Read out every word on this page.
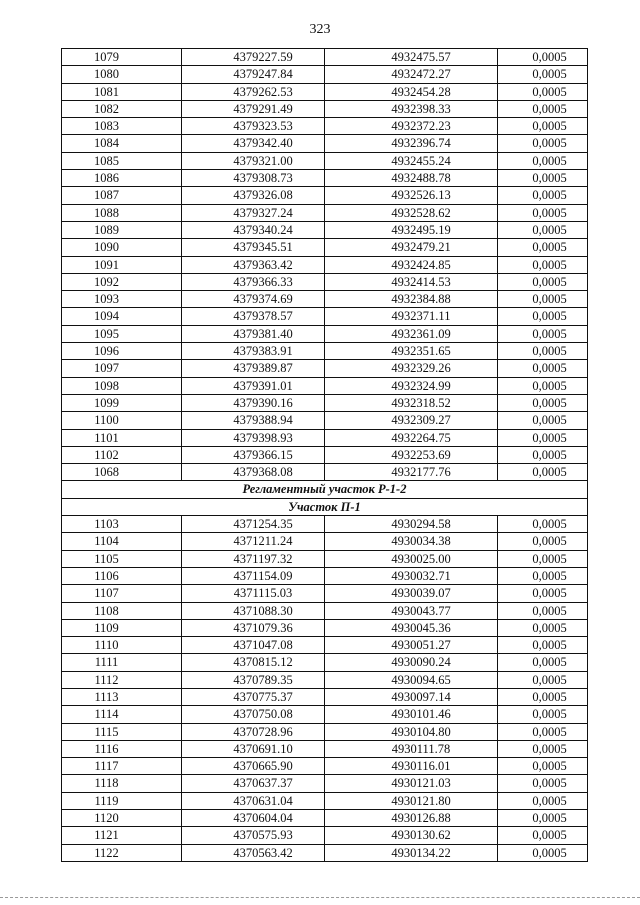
323
1079	4379227.59	4932475.57	0,0005
1080	4379247.84	4932472.27	0,0005
1081	4379262.53	4932454.28	0,0005
1082	4379291.49	4932398.33	0,0005
1083	4379323.53	4932372.23	0,0005
1084	4379342.40	4932396.74	0,0005
1085	4379321.00	4932455.24	0,0005
1086	4379308.73	4932488.78	0,0005
1087	4379326.08	4932526.13	0,0005
1088	4379327.24	4932528.62	0,0005
1089	4379340.24	4932495.19	0,0005
1090	4379345.51	4932479.21	0,0005
1091	4379363.42	4932424.85	0,0005
1092	4379366.33	4932414.53	0,0005
1093	4379374.69	4932384.88	0,0005
1094	4379378.57	4932371.11	0,0005
1095	4379381.40	4932361.09	0,0005
1096	4379383.91	4932351.65	0,0005
1097	4379389.87	4932329.26	0,0005
1098	4379391.01	4932324.99	0,0005
1099	4379390.16	4932318.52	0,0005
1100	4379388.94	4932309.27	0,0005
1101	4379398.93	4932264.75	0,0005
1102	4379366.15	4932253.69	0,0005
1068	4379368.08	4932177.76	0,0005
Регламентный участок Р-1-2			
Участок П-1			
1103	4371254.35	4930294.58	0,0005
1104	4371211.24	4930034.38	0,0005
1105	4371197.32	4930025.00	0,0005
1106	4371154.09	4930032.71	0,0005
1107	4371115.03	4930039.07	0,0005
1108	4371088.30	4930043.77	0,0005
1109	4371079.36	4930045.36	0,0005
1110	4371047.08	4930051.27	0,0005
1111	4370815.12	4930090.24	0,0005
1112	4370789.35	4930094.65	0,0005
1113	4370775.37	4930097.14	0,0005
1114	4370750.08	4930101.46	0,0005
1115	4370728.96	4930104.80	0,0005
1116	4370691.10	4930111.78	0,0005
1117	4370665.90	4930116.01	0,0005
1118	4370637.37	4930121.03	0,0005
1119	4370631.04	4930121.80	0,0005
1120	4370604.04	4930126.88	0,0005
1121	4370575.93	4930130.62	0,0005
1122	4370563.42	4930134.22	0,0005
